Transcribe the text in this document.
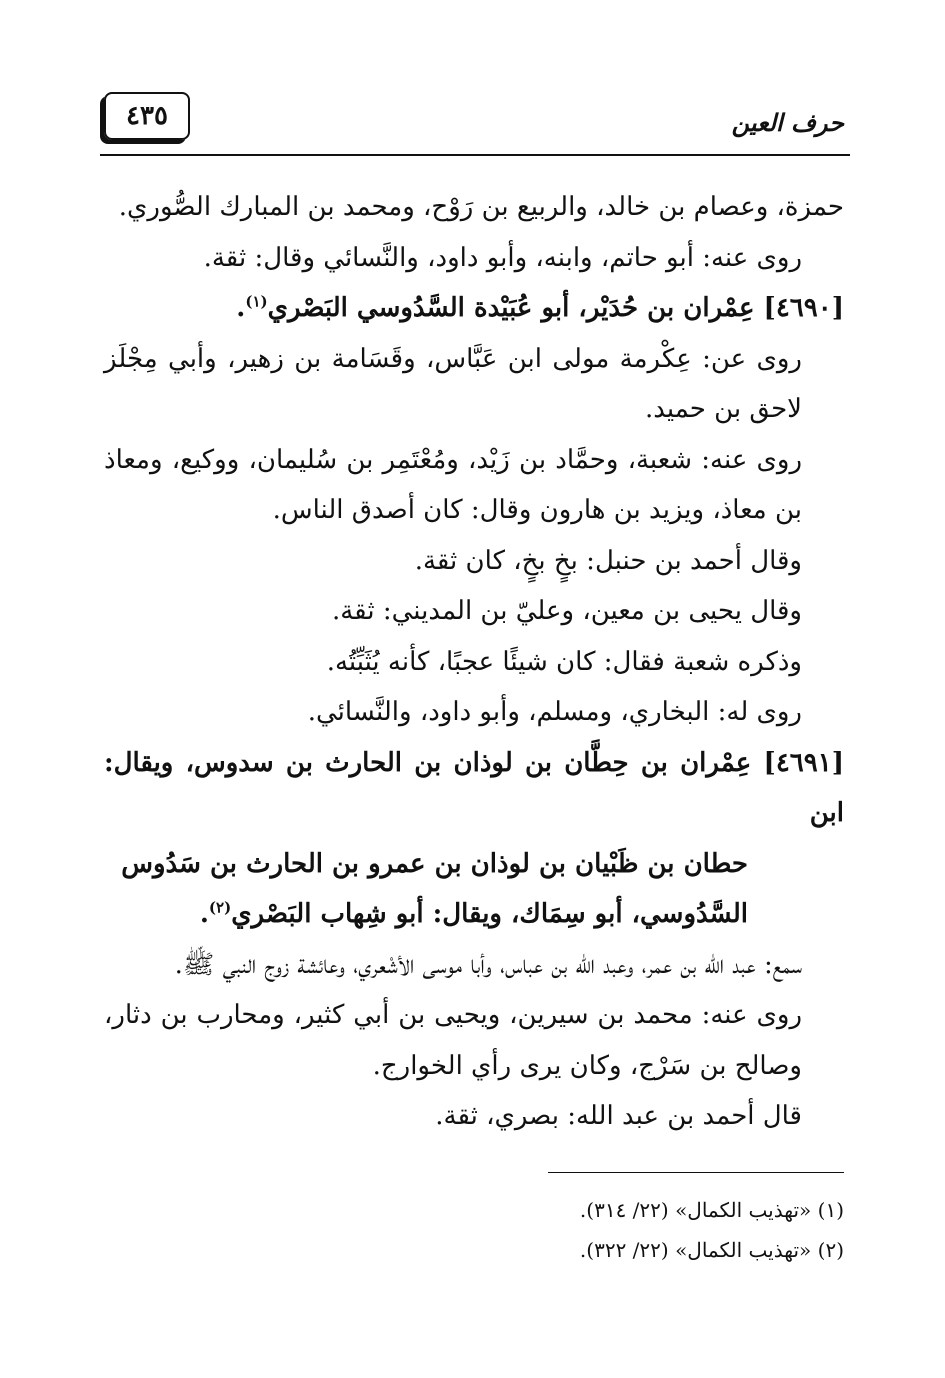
٤٣٥	حرف العين

حمزة، وعصام بن خالد، والربيع بن رَوْح، ومحمد بن المبارك الصُّوري.

روى عنه: أبو حاتم، وابنه، وأبو داود، والنَّسائي وقال: ثقة.

[٤٦٩٠] عِمْران بن حُدَيْر، أبو عُبَيْدة السَّدُوسي البَصْري$^{(١)}$.

روى عن: عِكْرمة مولى ابن عَبَّاس، وقَسَامة بن زهير، وأبي مِجْلَز لاحق بن حميد.

روى عنه: شعبة، وحمَّاد بن زَيْد، ومُعْتَمِر بن سُليمان، ووكيع، ومعاذ بن معاذ، ويزيد بن هارون وقال: كان أصدق الناس.

وقال أحمد بن حنبل: بخٍ بخٍ، كان ثقة.

وقال يحيى بن معين، وعليّ بن المديني: ثقة.

وذكره شعبة فقال: كان شيئًا عجبًا، كأنه يُثَبِّتُه.

روى له: البخاري، ومسلم، وأبو داود، والنَّسائي.

[٤٦٩١] عِمْران بن حِطَّان بن لوذان بن الحارث بن سدوس، ويقال: ابن

حطان بن ظَبْيان بن لوذان بن عمرو بن الحارث بن سَدُوس

السَّدُوسي، أبو سِمَاك، ويقال: أبو شِهاب البَصْري$^{(٢)}$.

سمع: عبد الله بن عمر، وعبد الله بن عباس، وأبا موسى الأشْعري، وعائشة زوج النبي ﷺ.

روى عنه: محمد بن سيرين، ويحيى بن أبي كثير، ومحارب بن دثار، وصالح بن سَرْج، وكان يرى رأي الخوارج.

قال أحمد بن عبد الله: بصري، ثقة.

(١) «تهذيب الكمال» (٢٢/ ٣١٤).

(٢) «تهذيب الكمال» (٢٢/ ٣٢٢).
